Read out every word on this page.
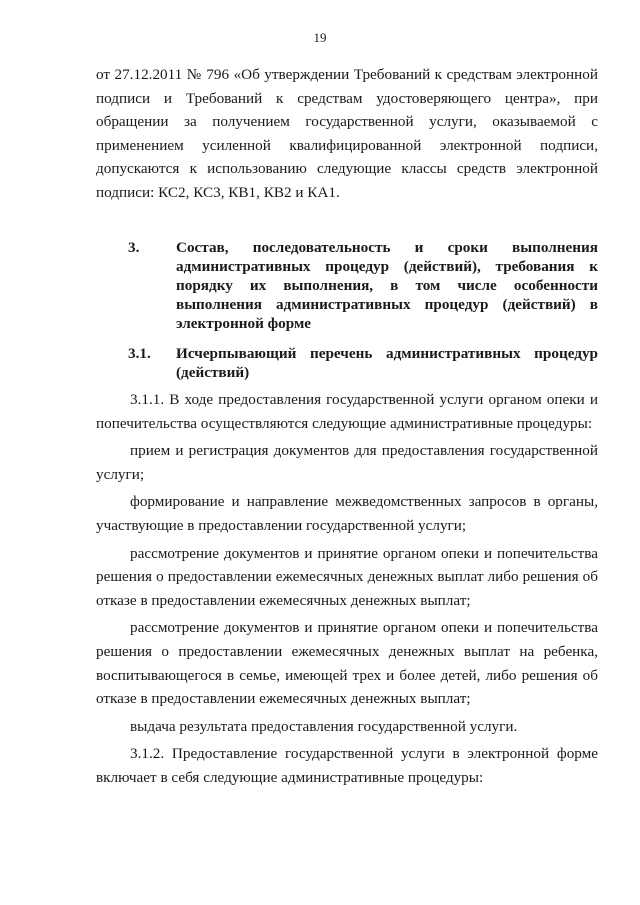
19

от 27.12.2011 № 796 «Об утверждении Требований к средствам электронной подписи и Требований к средствам удостоверяющего центра», при обращении за получением государственной услуги, оказываемой с применением усиленной квалифицированной электронной подписи, допускаются к использованию следующие классы средств электронной подписи: КС2, КС3, КВ1, КВ2 и КА1.

3. Состав, последовательность и сроки выполнения административных процедур (действий), требования к порядку их выполнения, в том числе особенности выполнения административных процедур (действий) в электронной форме
3.1. Исчерпывающий перечень административных процедур (действий)

3.1.1. В ходе предоставления государственной услуги органом опеки и попечительства осуществляются следующие административные процедуры:

прием и регистрация документов для предоставления государственной услуги;

формирование и направление межведомственных запросов в органы, участвующие в предоставлении государственной услуги;

рассмотрение документов и принятие органом опеки и попечительства решения о предоставлении ежемесячных денежных выплат либо решения об отказе в предоставлении ежемесячных денежных выплат;

рассмотрение документов и принятие органом опеки и попечительства решения о предоставлении ежемесячных денежных выплат на ребенка, воспитывающегося в семье, имеющей трех и более детей, либо решения об отказе в предоставлении ежемесячных денежных выплат;

выдача результата предоставления государственной услуги.

3.1.2. Предоставление государственной услуги в электронной форме включает в себя следующие административные процедуры:
